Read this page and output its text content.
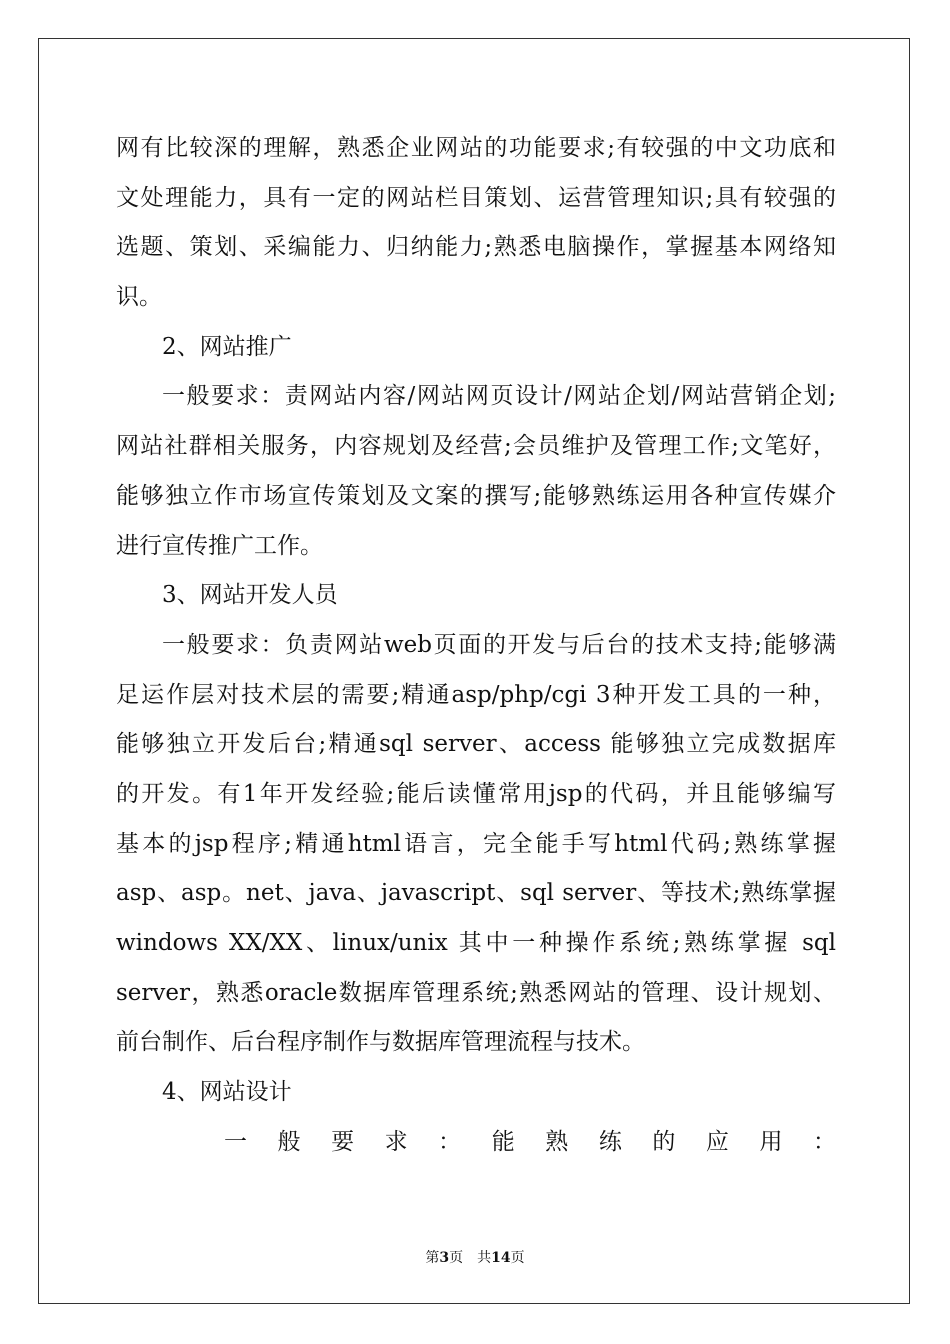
网有比较深的理解，熟悉企业网站的功能要求;有较强的中文功底和
文处理能力，具有一定的网站栏目策划、运营管理知识;具有较强的
选题、策划、采编能力、归纳能力;熟悉电脑操作，掌握基本网络知
识。
2、网站推广
一般要求：责网站内容/网站网页设计/网站企划/网站营销企划;
网站社群相关服务，内容规划及经营;会员维护及管理工作;文笔好，
能够独立作市场宣传策划及文案的撰写;能够熟练运用各种宣传媒介
进行宣传推广工作。
3、网站开发人员
一般要求：负责网站web页面的开发与后台的技术支持;能够满
足运作层对技术层的需要;精通asp/php/cgi 3种开发工具的一种，
能够独立开发后台;精通sql server、access 能够独立完成数据库
的开发。有1年开发经验;能后读懂常用jsp的代码，并且能够编写
基本的jsp程序;精通html语言，完全能手写html代码;熟练掌握
asp、asp。net、java、javascript、sql server、等技术;熟练掌握
windows XX/XX、linux/unix 其中一种操作系统;熟练掌握 sql
server，熟悉oracle数据库管理系统;熟悉网站的管理、设计规划、
前台制作、后台程序制作与数据库管理流程与技术。
4、网站设计
一 般 要 求 ： 能 熟 练 的 应 用 ：
第3页 共14页
